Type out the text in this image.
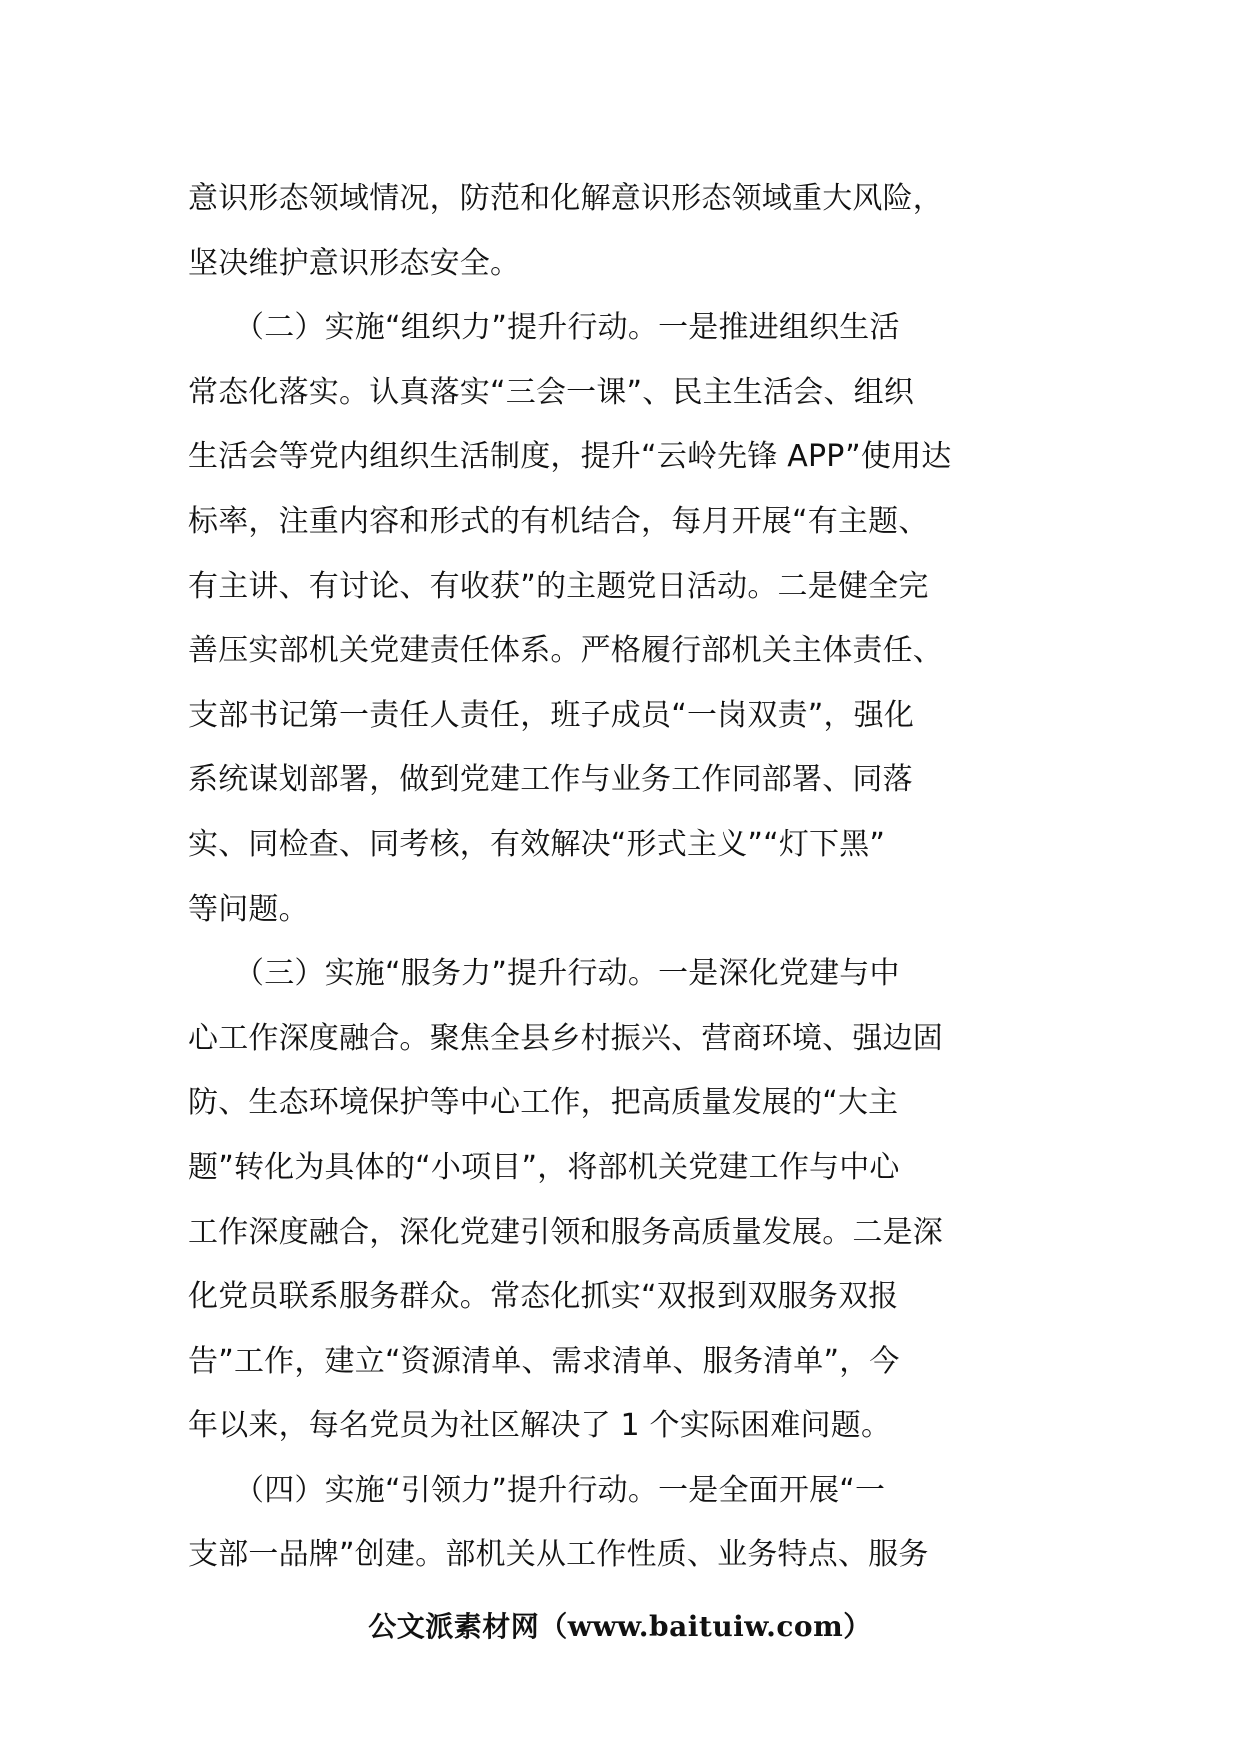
意识形态领域情况，防范和化解意识形态领域重大风险，
坚决维护意识形态安全。
（二）实施“组织力”提升行动。一是推进组织生活
常态化落实。认真落实“三会一课”、民主生活会、组织
生活会等党内组织生活制度，提升“云岭先锋 APP”使用达
标率，注重内容和形式的有机结合，每月开展“有主题、
有主讲、有讨论、有收获”的主题党日活动。二是健全完
善压实部机关党建责任体系。严格履行部机关主体责任、
支部书记第一责任人责任，班子成员“一岗双责”，强化
系统谋划部署，做到党建工作与业务工作同部署、同落
实、同检查、同考核，有效解决“形式主义”“灯下黑”
等问题。
（三）实施“服务力”提升行动。一是深化党建与中
心工作深度融合。聚焦全县乡村振兴、营商环境、强边固
防、生态环境保护等中心工作，把高质量发展的“大主
题”转化为具体的“小项目”，将部机关党建工作与中心
工作深度融合，深化党建引领和服务高质量发展。二是深
化党员联系服务群众。常态化抓实“双报到双服务双报
告”工作，建立“资源清单、需求清单、服务清单”，今
年以来，每名党员为社区解决了 1 个实际困难问题。
（四）实施“引领力”提升行动。一是全面开展“一
支部一品牌”创建。部机关从工作性质、业务特点、服务
公文派素材网（www.baituiw.com）
